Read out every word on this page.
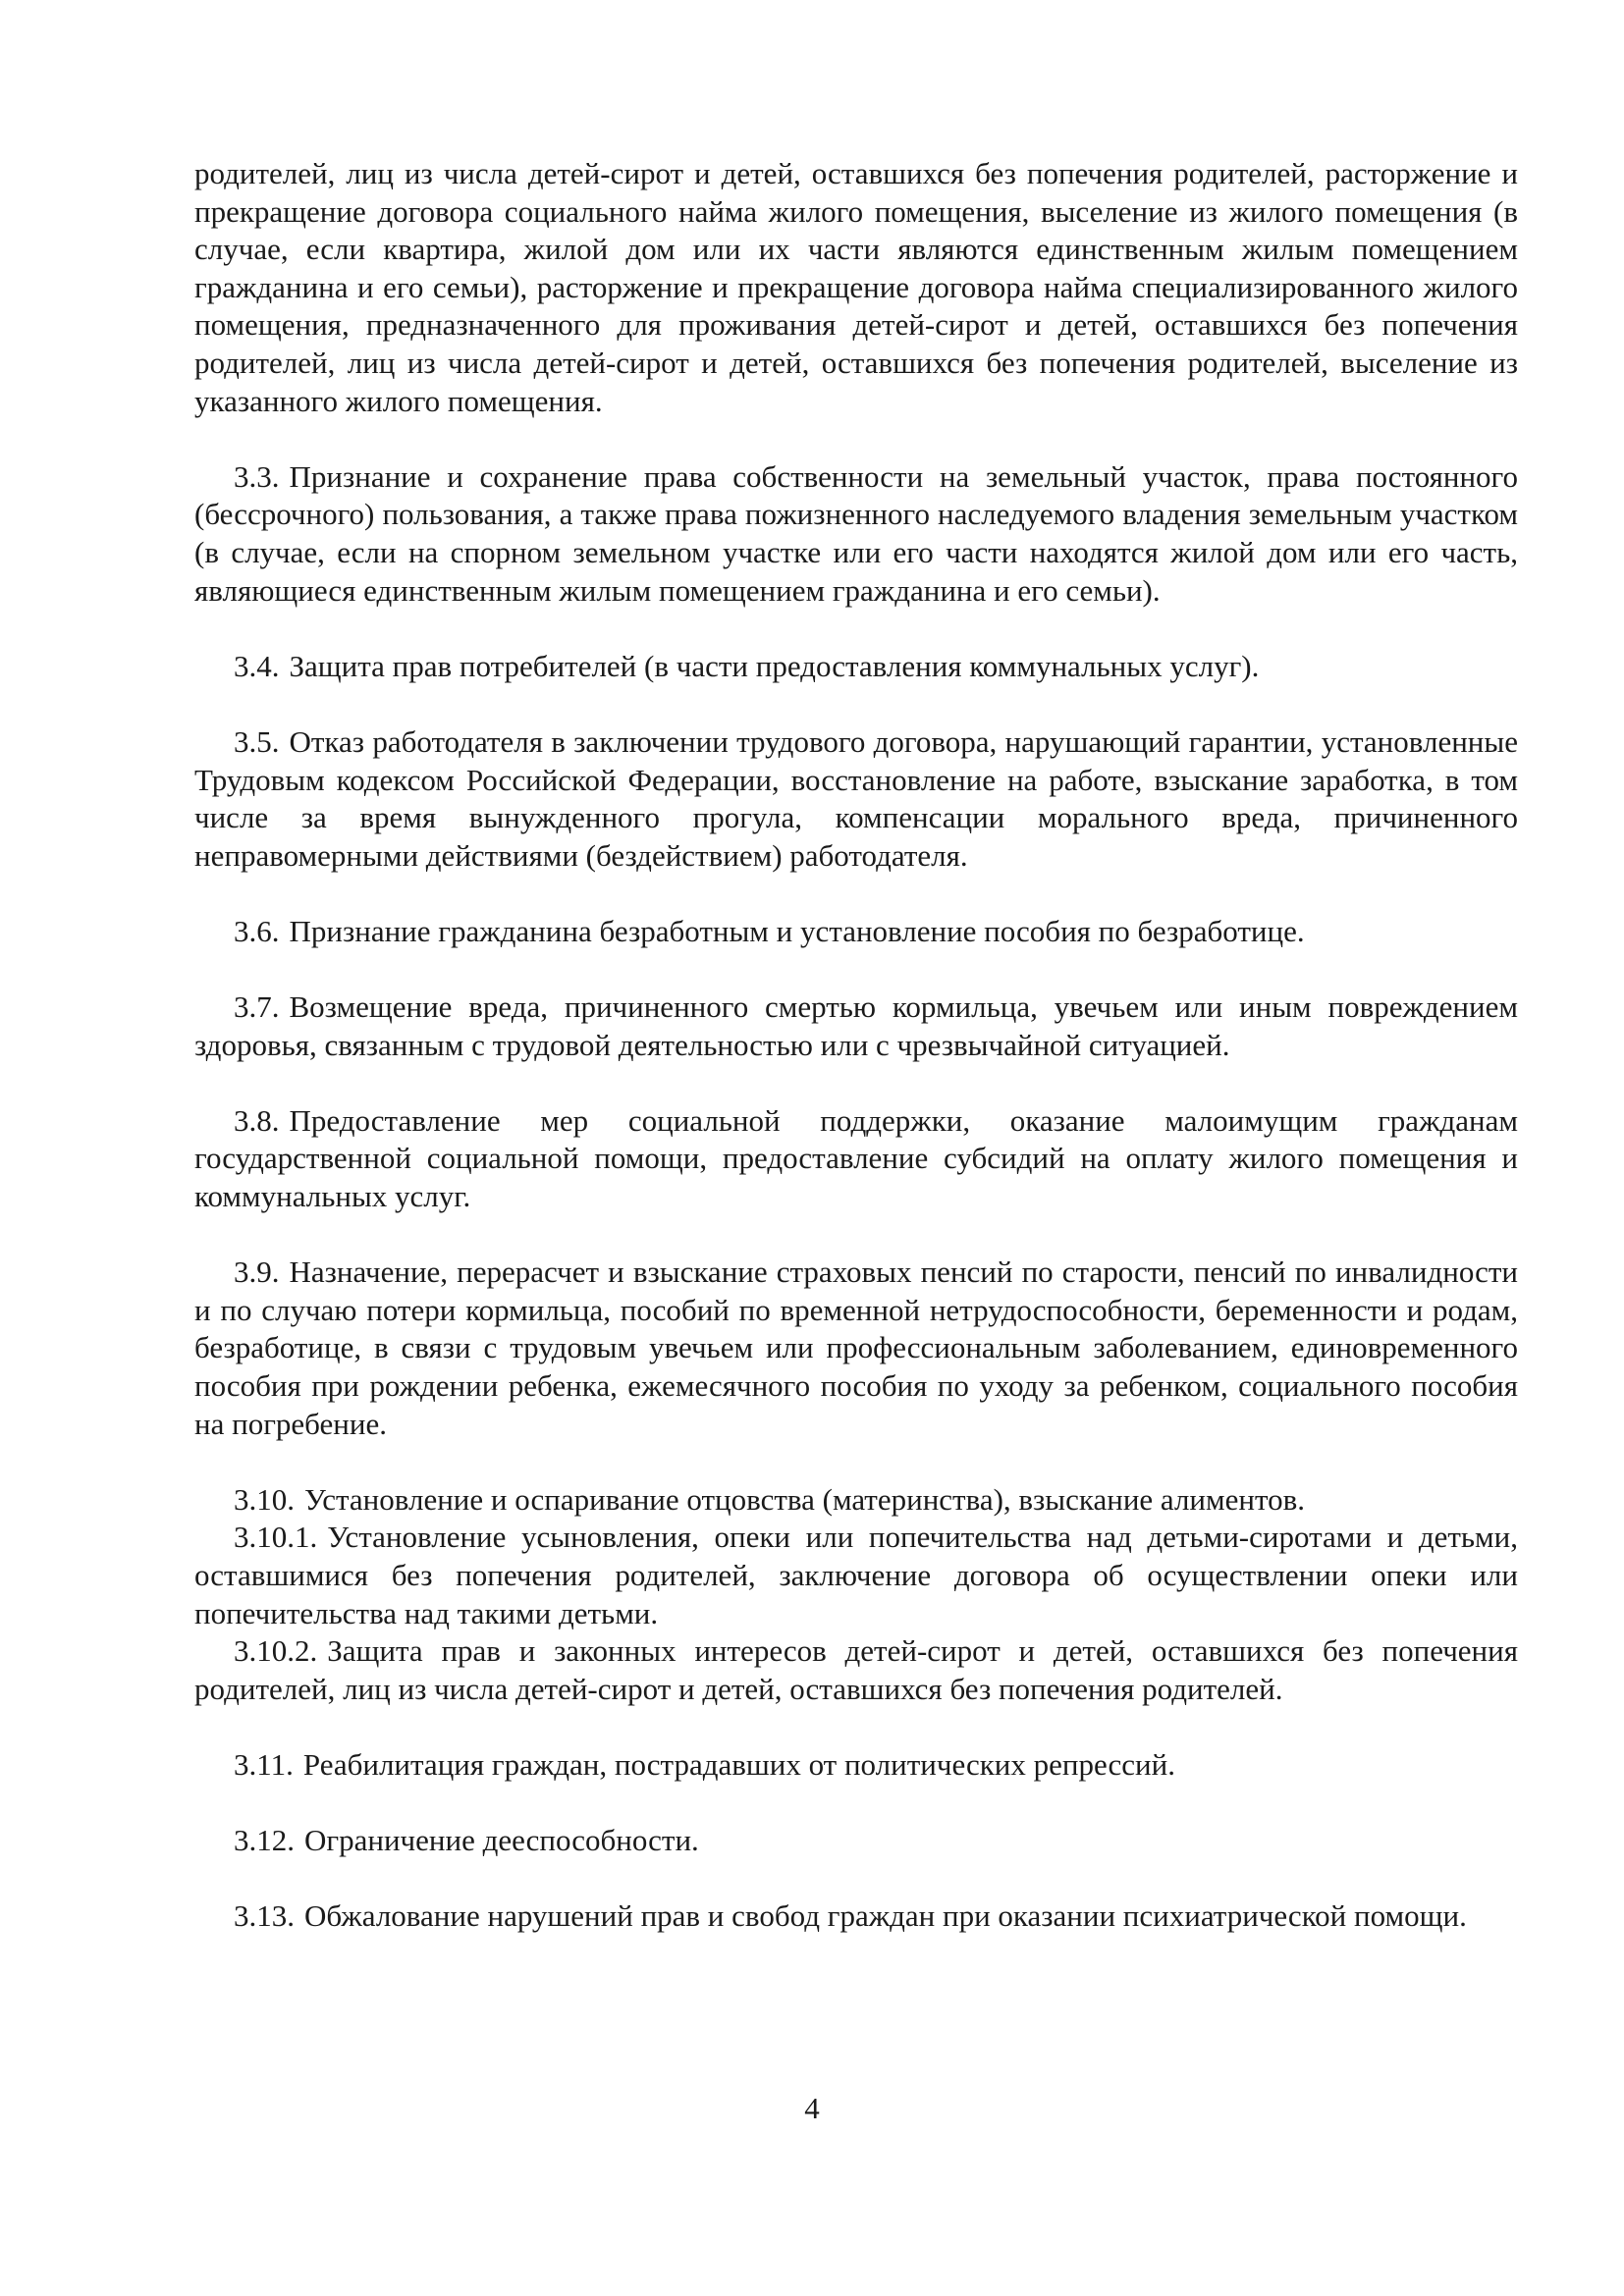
родителей, лиц из числа детей-сирот и детей, оставшихся без попечения родителей, расторжение и прекращение договора социального найма жилого помещения, выселение из жилого помещения (в случае, если квартира, жилой дом или их части являются единственным жилым помещением гражданина и его семьи), расторжение и прекращение договора найма специализированного жилого помещения, предназначенного для проживания детей-сирот и детей, оставшихся без попечения родителей, лиц из числа детей-сирот и детей, оставшихся без попечения родителей, выселение из указанного жилого помещения.

3.3. Признание и сохранение права собственности на земельный участок, права постоянного (бессрочного) пользования, а также права пожизненного наследуемого владения земельным участком (в случае, если на спорном земельном участке или его части находятся жилой дом или его часть, являющиеся единственным жилым помещением гражданина и его семьи).

3.4. Защита прав потребителей (в части предоставления коммунальных услуг).

3.5. Отказ работодателя в заключении трудового договора, нарушающий гарантии, установленные Трудовым кодексом Российской Федерации, восстановление на работе, взыскание заработка, в том числе за время вынужденного прогула, компенсации морального вреда, причиненного неправомерными действиями (бездействием) работодателя.

3.6. Признание гражданина безработным и установление пособия по безработице.

3.7. Возмещение вреда, причиненного смертью кормильца, увечьем или иным повреждением здоровья, связанным с трудовой деятельностью или с чрезвычайной ситуацией.

3.8. Предоставление мер социальной поддержки, оказание малоимущим гражданам государственной социальной помощи, предоставление субсидий на оплату жилого помещения и коммунальных услуг.

3.9. Назначение, перерасчет и взыскание страховых пенсий по старости, пенсий по инвалидности и по случаю потери кормильца, пособий по временной нетрудоспособности, беременности и родам, безработице, в связи с трудовым увечьем или профессиональным заболеванием, единовременного пособия при рождении ребенка, ежемесячного пособия по уходу за ребенком, социального пособия на погребение.

3.10. Установление и оспаривание отцовства (материнства), взыскание алиментов.

3.10.1. Установление усыновления, опеки или попечительства над детьми-сиротами и детьми, оставшимися без попечения родителей, заключение договора об осуществлении опеки или попечительства над такими детьми.

3.10.2. Защита прав и законных интересов детей-сирот и детей, оставшихся без попечения родителей, лиц из числа детей-сирот и детей, оставшихся без попечения родителей.

3.11. Реабилитация граждан, пострадавших от политических репрессий.

3.12. Ограничение дееспособности.

3.13. Обжалование нарушений прав и свобод граждан при оказании психиатрической помощи.

4
